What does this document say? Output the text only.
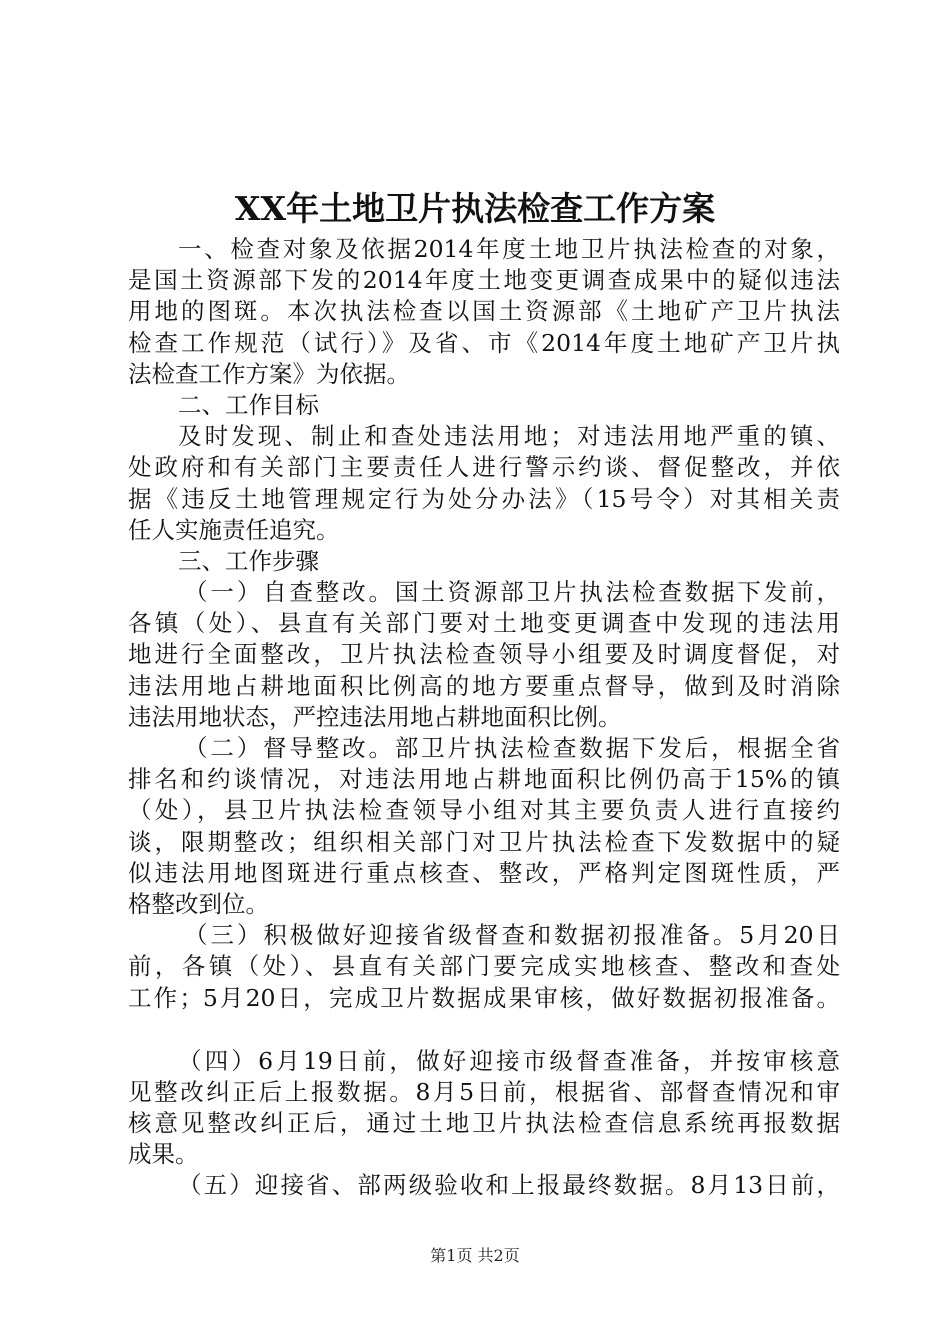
XX年土地卫片执法检查工作方案
一、检查对象及依据2014年度土地卫片执法检查的对象，
是国土资源部下发的2014年度土地变更调查成果中的疑似违法
用地的图斑。本次执法检查以国土资源部《土地矿产卫片执法
检查工作规范（试行）》及省、市《2014年度土地矿产卫片执
法检查工作方案》为依据。
二、工作目标
及时发现、制止和查处违法用地；对违法用地严重的镇、
处政府和有关部门主要责任人进行警示约谈、督促整改，并依
据《违反土地管理规定行为处分办法》（15号令）对其相关责
任人实施责任追究。
三、工作步骤
（一）自查整改。国土资源部卫片执法检查数据下发前，
各镇（处）、县直有关部门要对土地变更调查中发现的违法用
地进行全面整改，卫片执法检查领导小组要及时调度督促，对
违法用地占耕地面积比例高的地方要重点督导，做到及时消除
违法用地状态，严控违法用地占耕地面积比例。
（二）督导整改。部卫片执法检查数据下发后，根据全省
排名和约谈情况，对违法用地占耕地面积比例仍高于15%的镇
（处），县卫片执法检查领导小组对其主要负责人进行直接约
谈，限期整改；组织相关部门对卫片执法检查下发数据中的疑
似违法用地图斑进行重点核查、整改，严格判定图斑性质，严
格整改到位。
（三）积极做好迎接省级督查和数据初报准备。5月20日
前，各镇（处）、县直有关部门要完成实地核查、整改和查处
工作；5月20日，完成卫片数据成果审核，做好数据初报准备。
（四）6月19日前，做好迎接市级督查准备，并按审核意
见整改纠正后上报数据。8月5日前，根据省、部督查情况和审
核意见整改纠正后，通过土地卫片执法检查信息系统再报数据
成果。
（五）迎接省、部两级验收和上报最终数据。8月13日前，
第1页 共2页
